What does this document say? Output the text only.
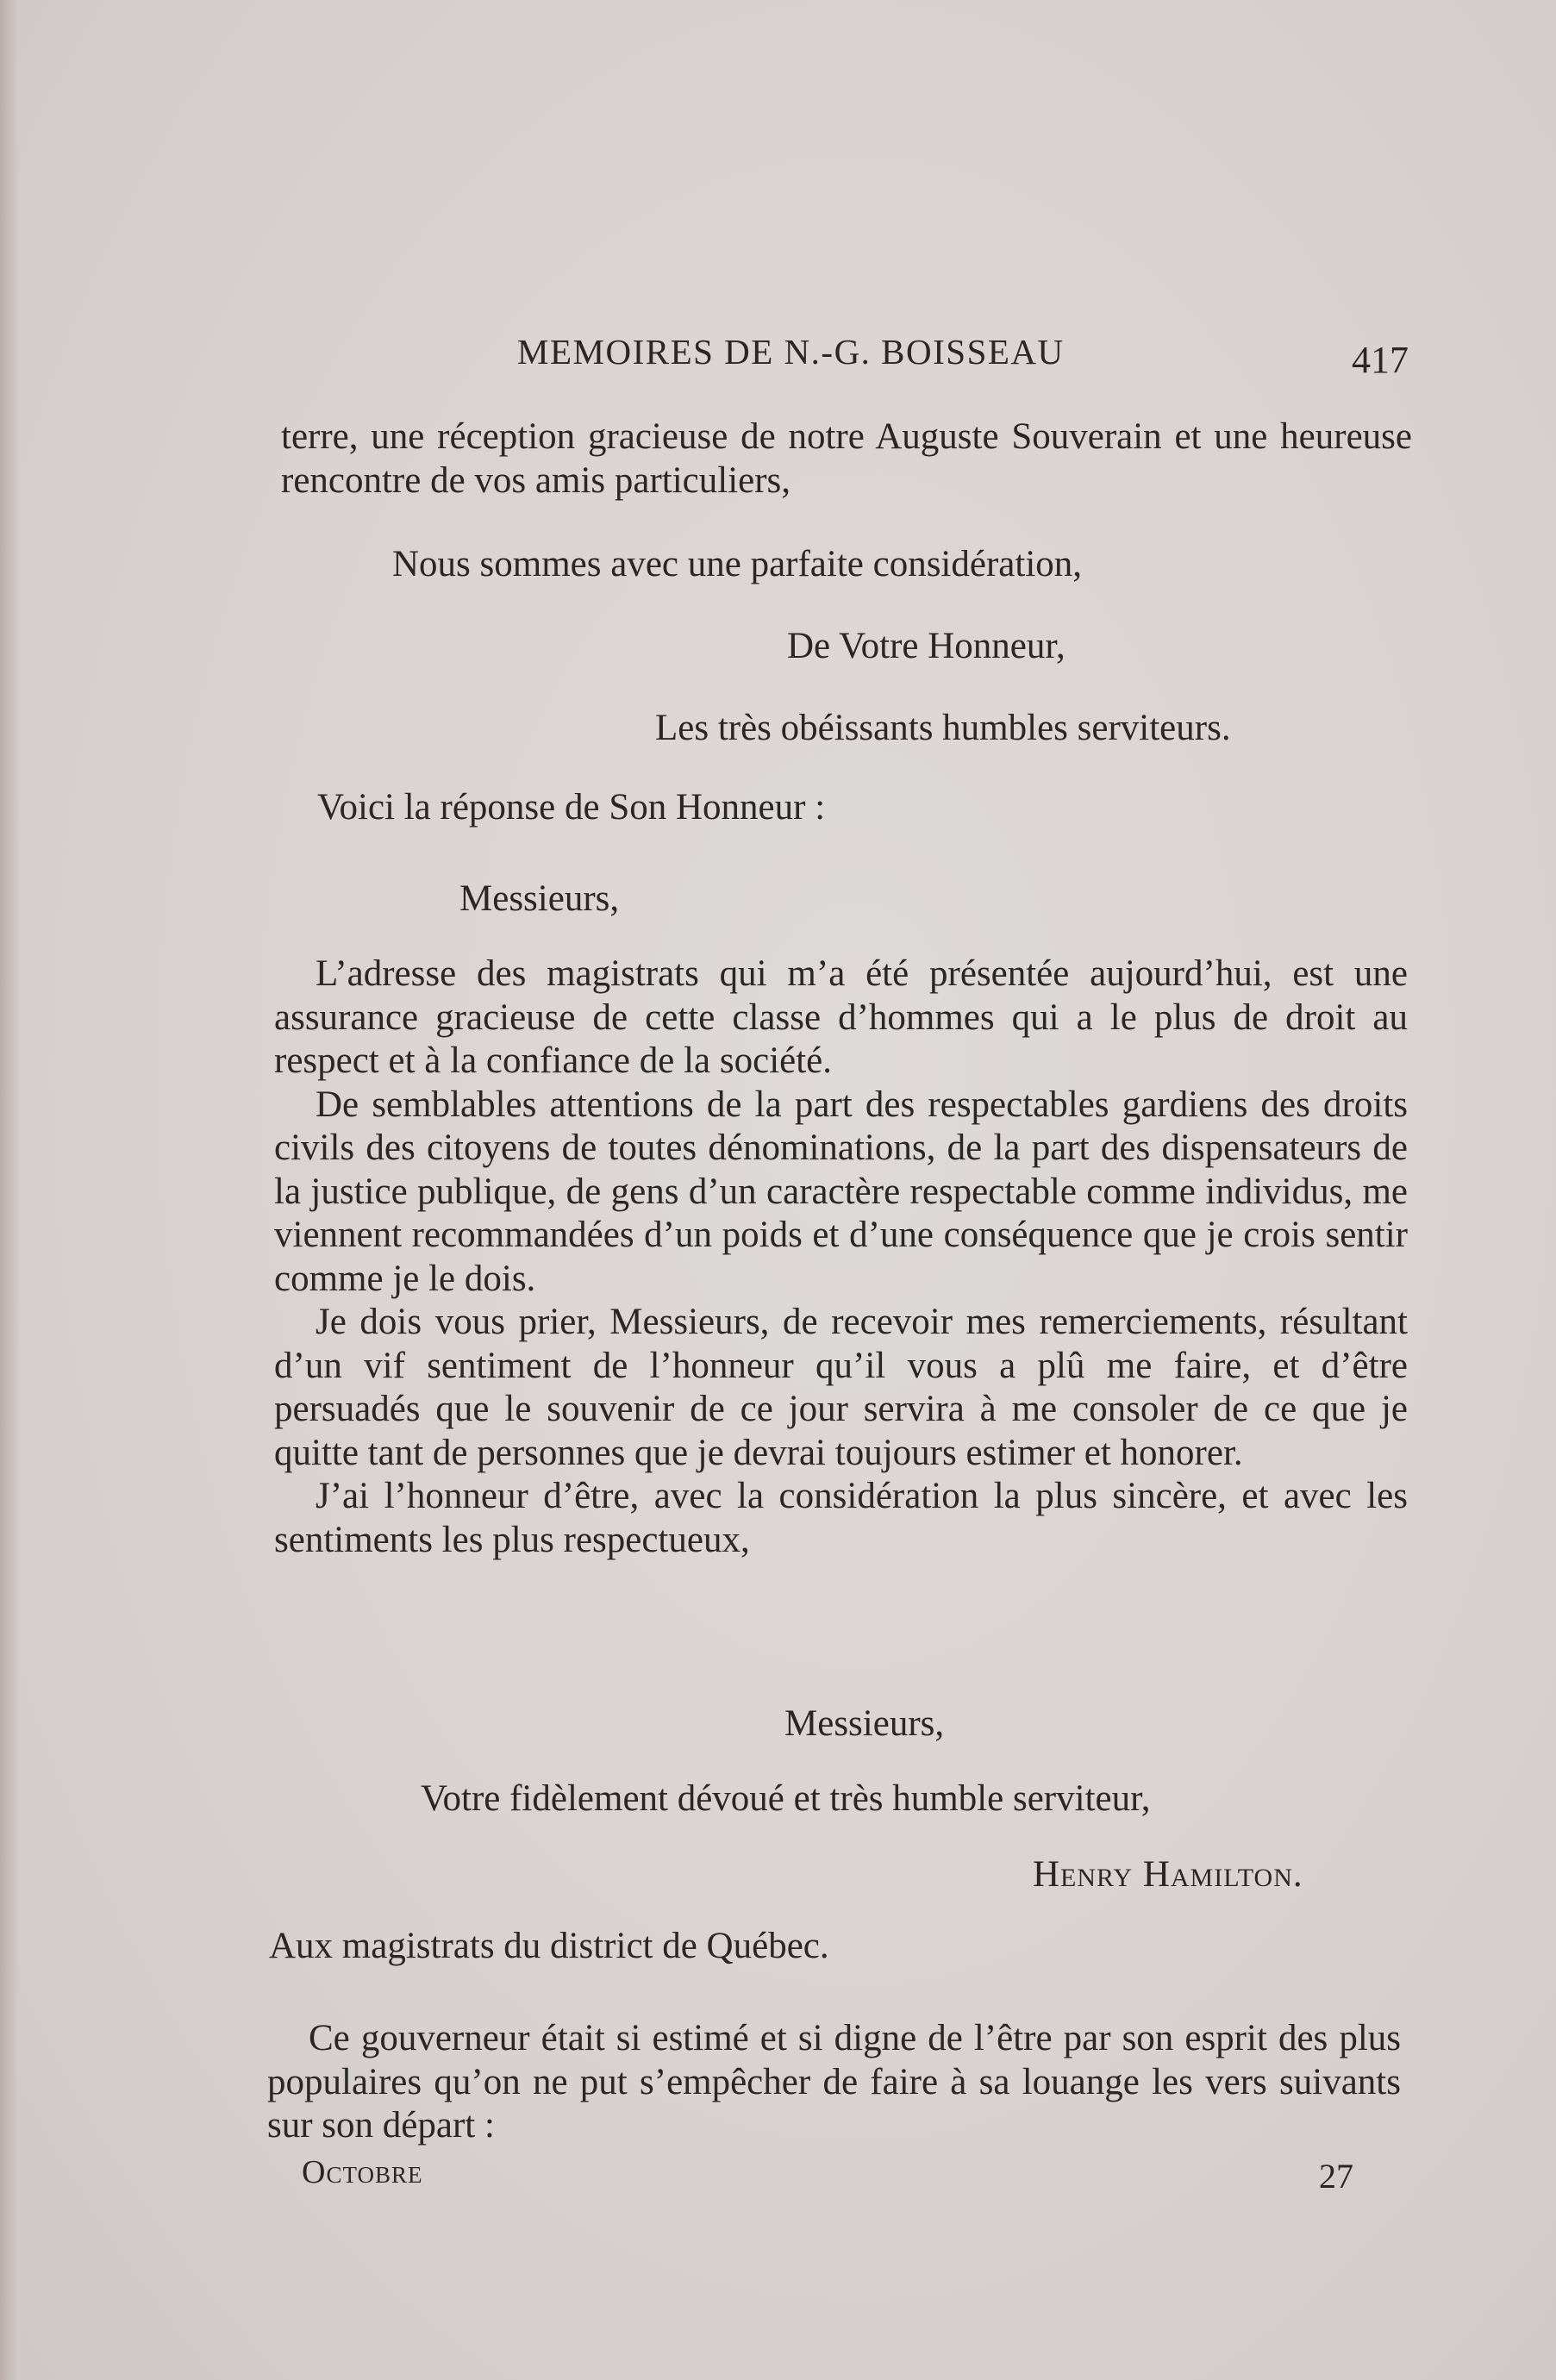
MEMOIRES DE N.-G. BOISSEAU	417

terre, une réception gracieuse de notre Auguste Souverain et une heureuse rencontre de vos amis particuliers,

Nous sommes avec une parfaite considération,
De Votre Honneur,
Les très obéissants humbles serviteurs.
Voici la réponse de Son Honneur :
Messieurs,

L’adresse des magistrats qui m’a été présentée aujourd’hui, est une assurance gracieuse de cette classe d’hommes qui a le plus de droit au respect et à la confiance de la société.

De semblables attentions de la part des respectables gardiens des droits civils des citoyens de toutes dénominations, de la part des dispensateurs de la justice publique, de gens d’un caractère respectable comme individus, me viennent recommandées d’un poids et d’une conséquence que je crois sentir comme je le dois.

Je dois vous prier, Messieurs, de recevoir mes remerciements, résultant d’un vif sentiment de l’honneur qu’il vous a plû me faire, et d’être persuadés que le souvenir de ce jour servira à me consoler de ce que je quitte tant de personnes que je devrai toujours estimer et honorer.

J’ai l’honneur d’être, avec la considération la plus sincère, et avec les sentiments les plus respectueux,

Messieurs,
Votre fidèlement dévoué et très humble serviteur,
Henry Hamilton.
Aux magistrats du district de Québec.

Ce gouverneur était si estimé et si digne de l’être par son esprit des plus populaires qu’on ne put s’empêcher de faire à sa louange les vers suivants sur son départ :

Octobre	27
